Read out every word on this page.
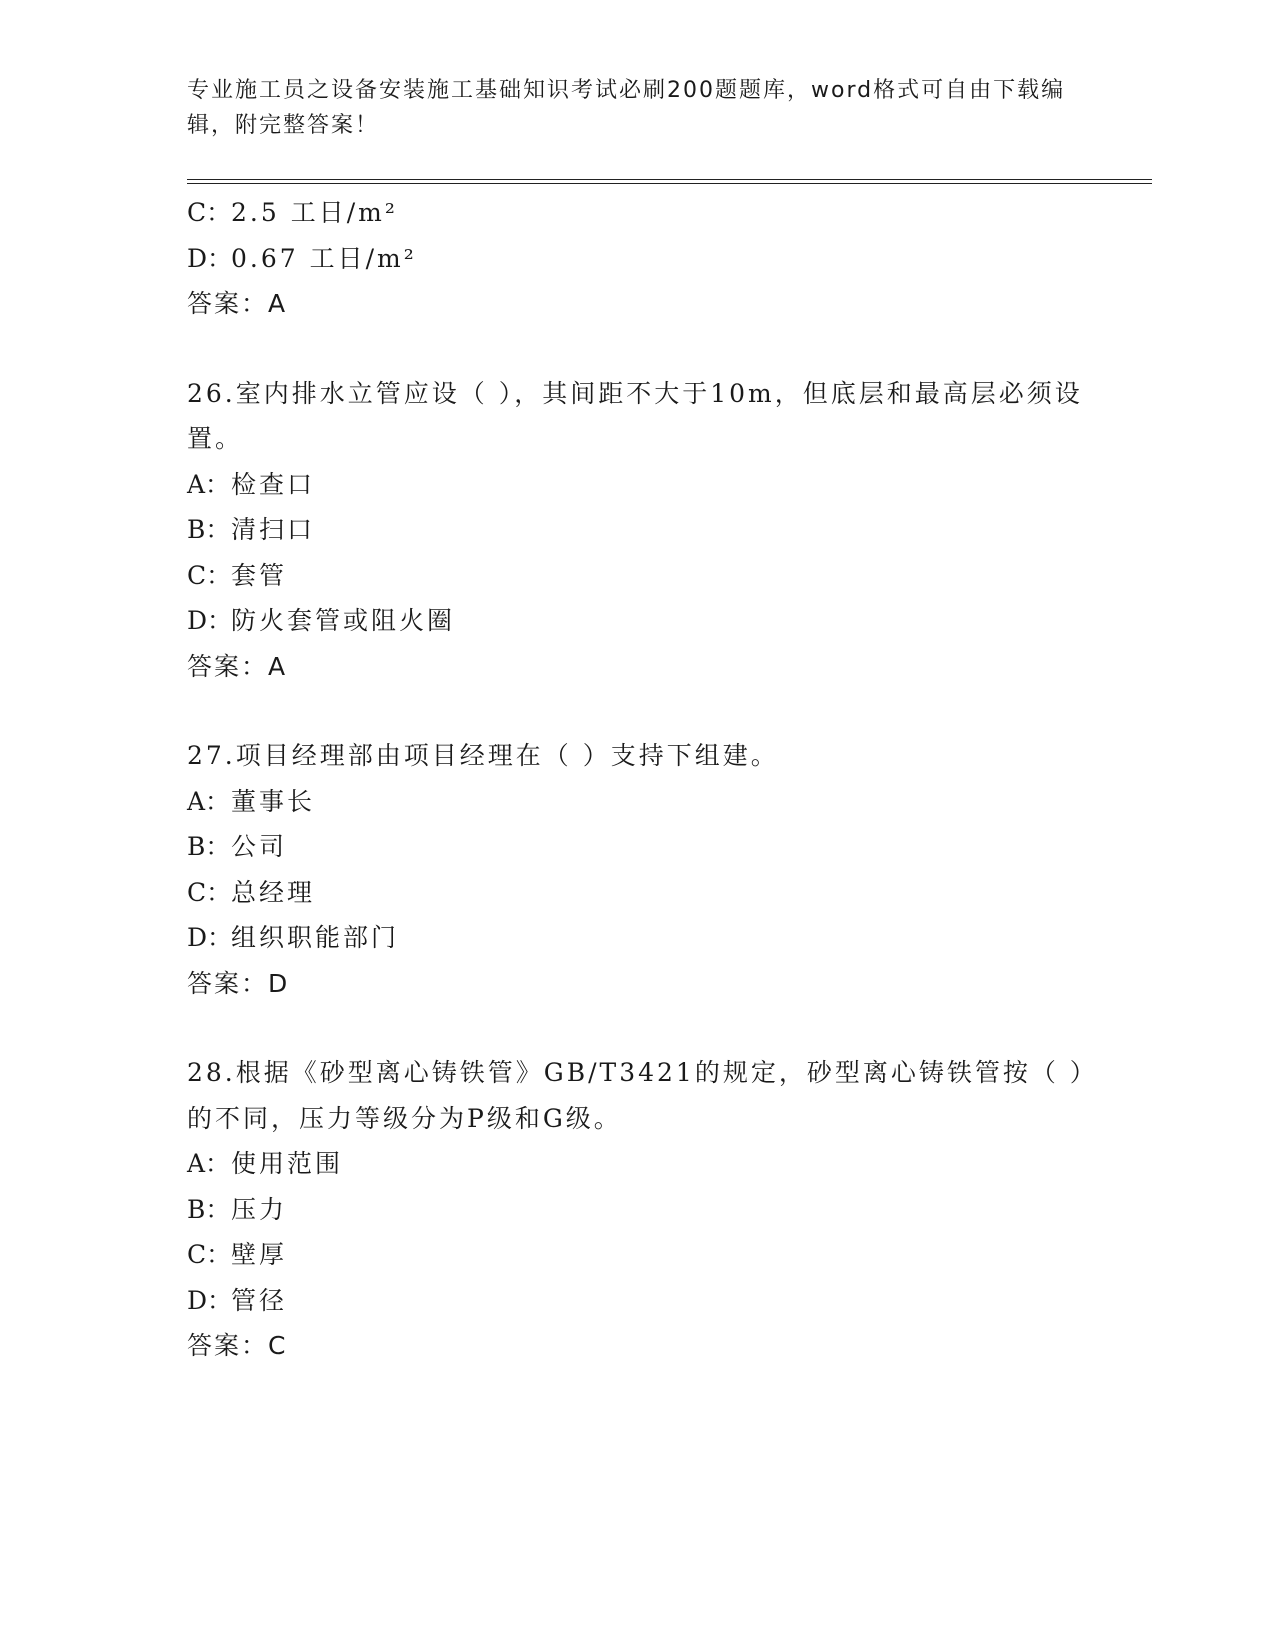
专业施工员之设备安装施工基础知识考试必刷200题题库，word格式可自由下载编辑，附完整答案！
C：2.5 工日/m²
D：0.67 工日/m²
答案：A
26.室内排水立管应设（ ），其间距不大于10m，但底层和最高层必须设置。
A：检查口
B：清扫口
C：套管
D：防火套管或阻火圈
答案：A
27.项目经理部由项目经理在（ ）支持下组建。
A：董事长
B：公司
C：总经理
D：组织职能部门
答案：D
28.根据《砂型离心铸铁管》GB/T3421的规定，砂型离心铸铁管按（ ）的不同，压力等级分为P级和G级。
A：使用范围
B：压力
C：壁厚
D：管径
答案：C
